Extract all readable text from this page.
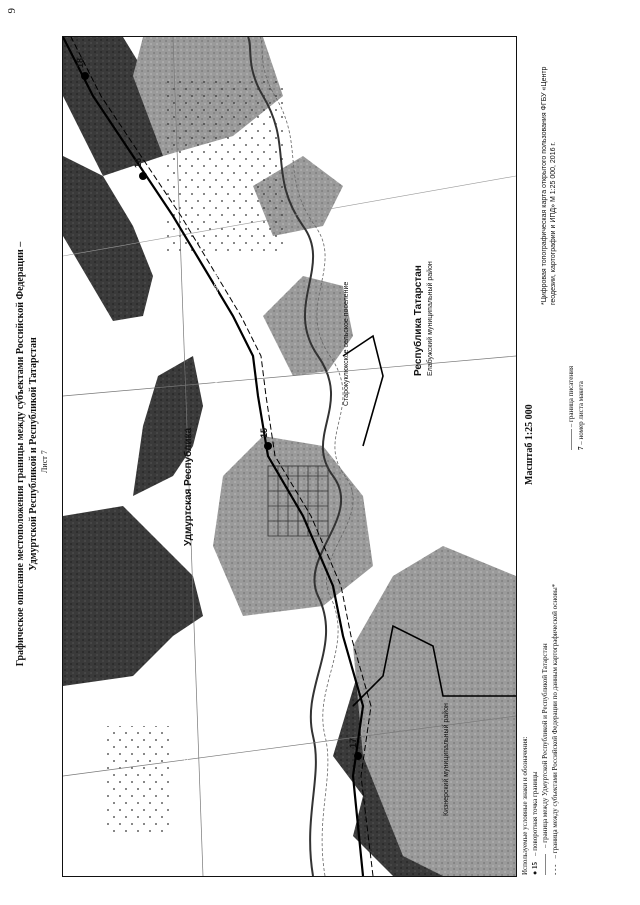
9
Графическое описание местоположения границы между субъектами Российской Федерации – Удмуртской Республикой и Республикой Татарстан Лист 7	Удмуртская Республика
Республика Татарстан Елабужский муниципальный район
Старокуклюкское сельское поселение
Муниципальный район Граховский
Кизнерский муниципальный район
Муниципальный Кизнерский район
15
16
17
18
Масштаб 1:25 000
Используемые условные знаки и обозначения: ● 15
– поворотная точка границы
———
– граница между Удмуртской Республикой и Республикой Татарстан
- - -
– граница между субъектами Российской Федерации по данным картографической основы*
——— – граница писатения
7 – номер листа макета
*Цифровая топографическая карта открытого пользования ФГБУ «Центр геодезии, картографии и ИПД» М 1:25 000, 2016 г.
